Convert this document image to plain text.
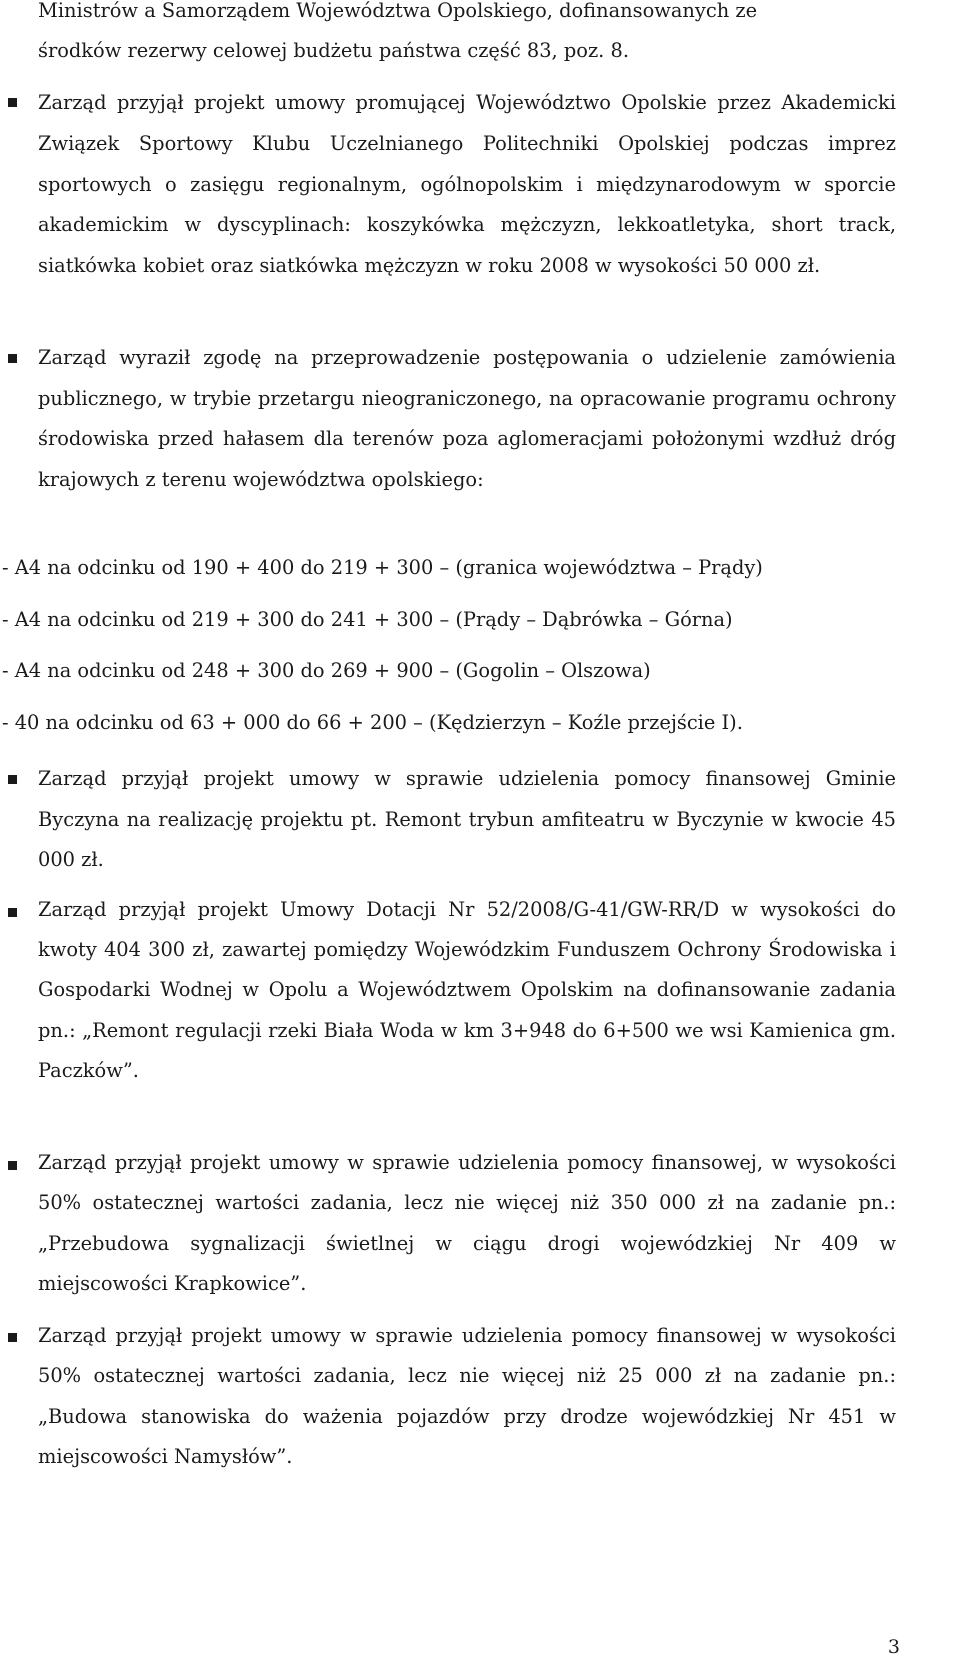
Ministrów a Samorządem Województwa Opolskiego, dofinansowanych ze
środków rezerwy celowej budżetu państwa część 83, poz. 8.

Zarząd przyjął projekt umowy promującej Województwo Opolskie przez Akademicki Związek Sportowy Klubu Uczelnianego Politechniki Opolskiej podczas imprez sportowych o zasięgu regionalnym, ogólnopolskim i międzynarodowym w sporcie akademickim w dyscyplinach: koszykówka mężczyzn, lekkoatletyka, short track, siatkówka kobiet oraz siatkówka mężczyzn w roku 2008 w wysokości 50 000 zł.

Zarząd wyraził zgodę na przeprowadzenie postępowania o udzielenie zamówienia publicznego, w trybie przetargu nieograniczonego, na opracowanie programu ochrony środowiska przed hałasem dla terenów poza aglomeracjami położonymi wzdłuż dróg krajowych z terenu województwa opolskiego:

- A4 na odcinku od 190 + 400 do 219 + 300 – (granica województwa – Prądy)

- A4 na odcinku od 219 + 300 do 241 + 300 – (Prądy – Dąbrówka – Górna)

- A4 na odcinku od 248 + 300 do 269 + 900 – (Gogolin – Olszowa)

- 40 na odcinku od 63 + 000 do 66 + 200 – (Kędzierzyn – Koźle przejście I).

Zarząd przyjął projekt umowy w sprawie udzielenia pomocy finansowej Gminie Byczyna na realizację projektu pt. Remont trybun amfiteatru w Byczynie w kwocie 45 000 zł.

Zarząd przyjął projekt Umowy Dotacji Nr 52/2008/G-41/GW-RR/D w wysokości do kwoty 404 300 zł, zawartej pomiędzy Wojewódzkim Funduszem Ochrony Środowiska i Gospodarki Wodnej w Opolu a Województwem Opolskim na dofinansowanie zadania pn.: „Remont regulacji rzeki Biała Woda w km 3+948 do 6+500 we wsi Kamienica gm. Paczków”.

Zarząd przyjął projekt umowy w sprawie udzielenia pomocy finansowej, w wysokości 50% ostatecznej wartości zadania, lecz nie więcej niż 350 000 zł na zadanie pn.: „Przebudowa sygnalizacji świetlnej w ciągu drogi wojewódzkiej Nr 409 w miejscowości Krapkowice”.

Zarząd przyjął projekt umowy w sprawie udzielenia pomocy finansowej w wysokości 50% ostatecznej wartości zadania, lecz nie więcej niż 25 000 zł na zadanie pn.: „Budowa stanowiska do ważenia pojazdów przy drodze wojewódzkiej Nr 451 w miejscowości Namysłów”.

3
